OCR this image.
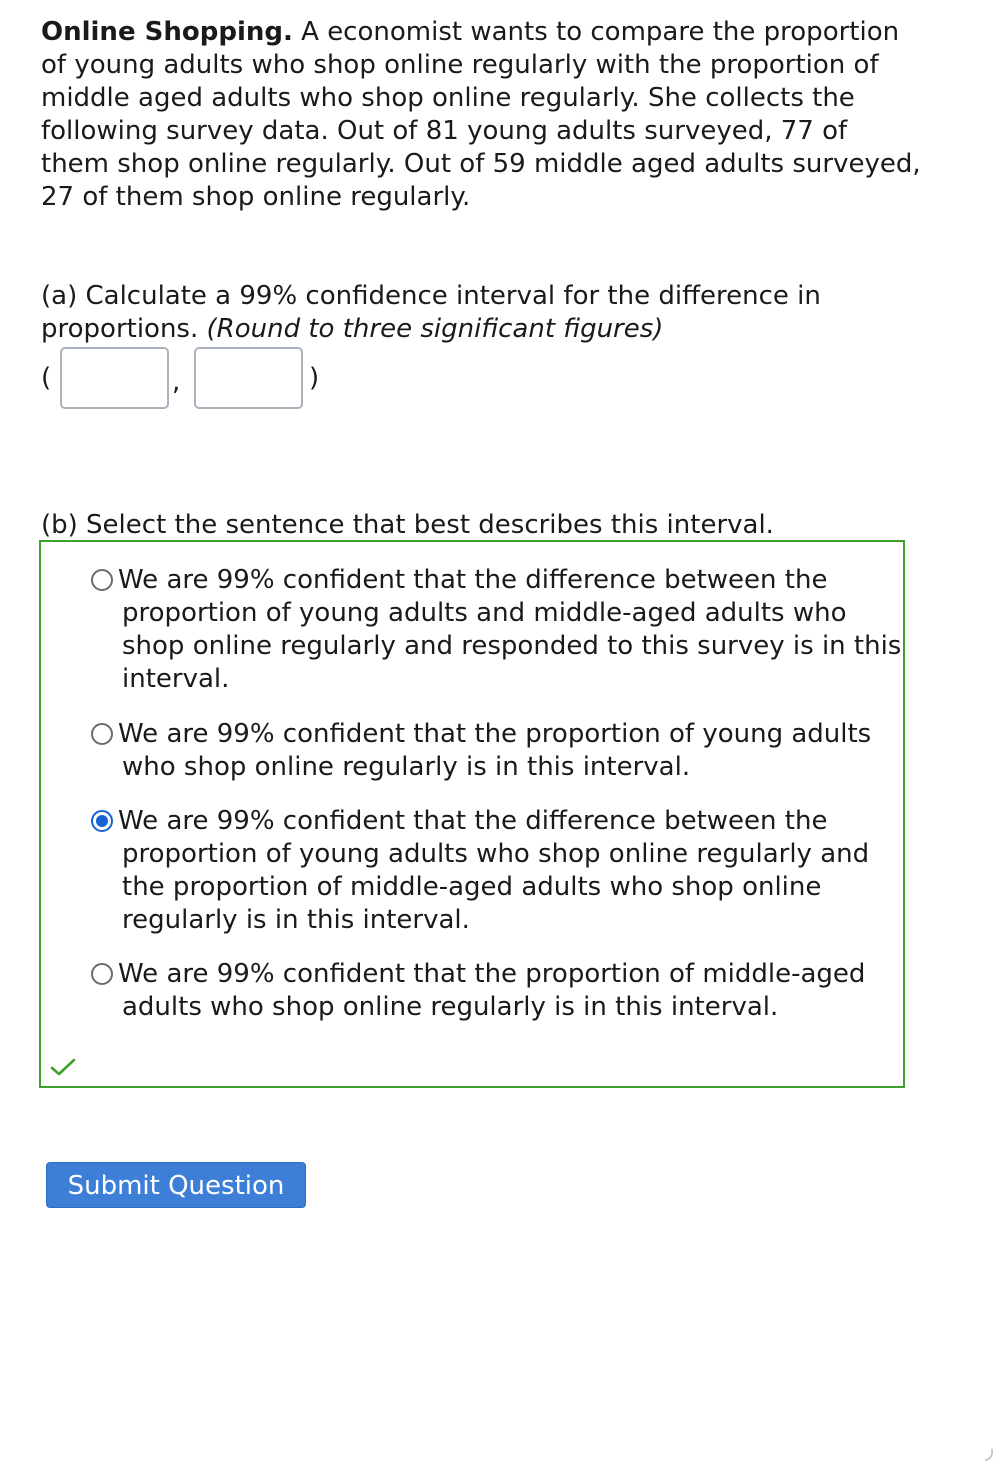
Online Shopping. A economist wants to compare the proportion of young adults who shop online regularly with the proportion of middle aged adults who shop online regularly. She collects the following survey data. Out of 81 young adults surveyed, 77 of them shop online regularly. Out of 59 middle aged adults surveyed, 27 of them shop online regularly.
(a) Calculate a 99% confidence interval for the difference in proportions. (Round to three significant figures)
(	,	)
(b) Select the sentence that best describes this interval.
We are 99% confident that the difference between the proportion of young adults and middle-aged adults who shop online regularly and responded to this survey is in this interval.
We are 99% confident that the proportion of young adults who shop online regularly is in this interval.
We are 99% confident that the difference between the proportion of young adults who shop online regularly and the proportion of middle-aged adults who shop online regularly is in this interval.
We are 99% confident that the proportion of middle-aged adults who shop online regularly is in this interval.
Submit Question
